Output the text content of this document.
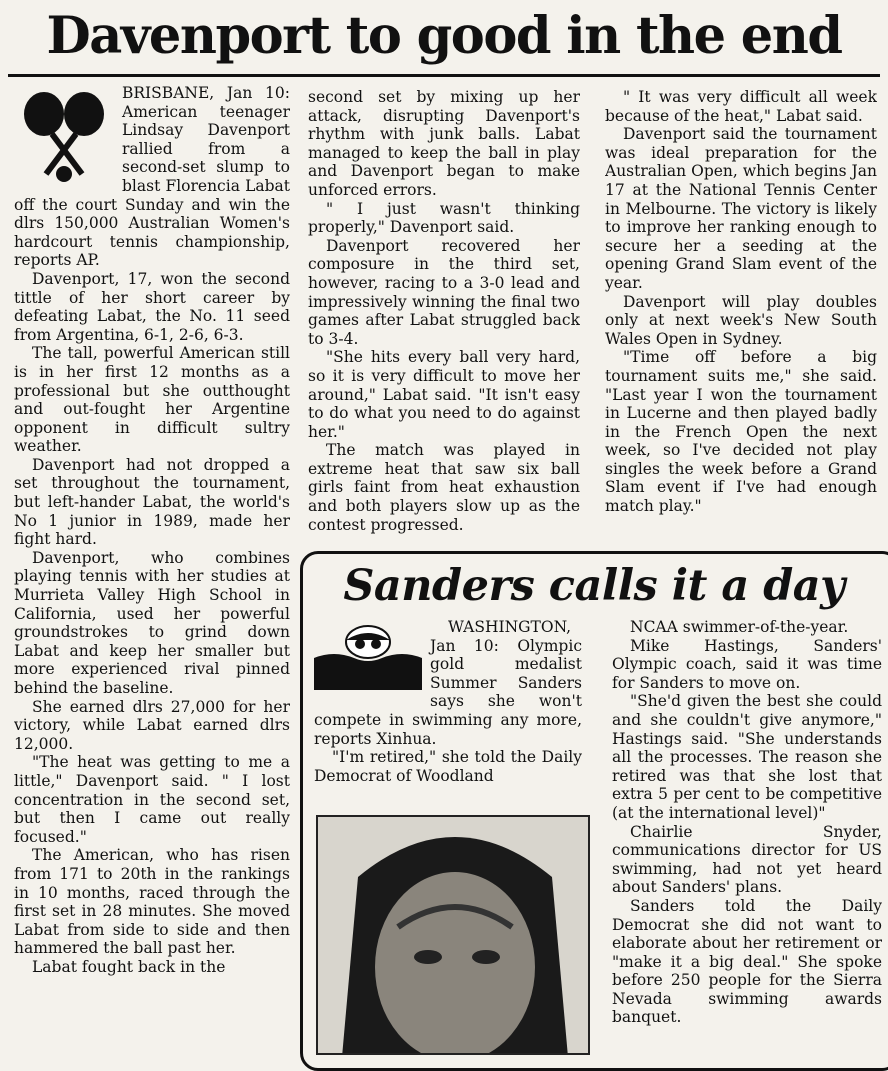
Davenport to good in the end

BRISBANE, Jan 10: American teenager Lindsay Davenport rallied from a second-set slump to blast Florencia Labat off the court Sunday and win the dlrs 150,000 Australian Women's hardcourt tennis championship, reports AP.

Davenport, 17, won the second tittle of her short career by defeating Labat, the No. 11 seed from Argentina, 6-1, 2-6, 6-3.

The tall, powerful American still is in her first 12 months as a professional but she outthought and out-fought her Argentine opponent in difficult sultry weather.

Davenport had not dropped a set throughout the tournament, but left-hander Labat, the world's No 1 junior in 1989, made her fight hard.

Davenport, who combines playing tennis with her studies at Murrieta Valley High School in California, used her powerful groundstrokes to grind down Labat and keep her smaller but more experienced rival pinned behind the baseline.

She earned dlrs 27,000 for her victory, while Labat earned dlrs 12,000.

"The heat was getting to me a little," Davenport said. " I lost concentration in the second set, but then I came out really focused."

The American, who has risen from 171 to 20th in the rankings in 10 months, raced through the first set in 28 minutes. She moved Labat from side to side and then hammered the ball past her.

Labat fought back in the

second set by mixing up her attack, disrupting Davenport's rhythm with junk balls. Labat managed to keep the ball in play and Davenport began to make unforced errors.

" I just wasn't thinking properly," Davenport said.

Davenport recovered her composure in the third set, however, racing to a 3-0 lead and impressively winning the final two games after Labat struggled back to 3-4.

"She hits every ball very hard, so it is very difficult to move her around," Labat said. "It isn't easy to do what you need to do against her."

The match was played in extreme heat that saw six ball girls faint from heat exhaustion and both players slow up as the contest progressed.

" It was very difficult all week because of the heat," Labat said.

Davenport said the tournament was ideal preparation for the Australian Open, which begins Jan 17 at the National Tennis Center in Melbourne. The victory is likely to improve her ranking enough to secure her a seeding at the opening Grand Slam event of the year.

Davenport will play doubles only at next week's New South Wales Open in Sydney.

"Time off before a big tournament suits me," she said. "Last year I won the tournament in Lucerne and then played badly in the French Open the next week, so I've decided not play singles the week before a Grand Slam event if I've had enough match play."

Sanders calls it a day

WASHINGTON, Jan 10: Olympic gold medalist Summer Sanders says she won't compete in swimming any more, reports Xinhua.

"I'm retired," she told the Daily Democrat of Woodland

NCAA swimmer-of-the-year.

Mike Hastings, Sanders' Olympic coach, said it was time for Sanders to move on.

"She'd given the best she could and she couldn't give anymore," Hastings said. "She understands all the processes. The reason she retired was that she lost that extra 5 per cent to be competitive (at the international level)"

Chairlie Snyder, communications director for US swimming, had not yet heard about Sanders' plans.

Sanders told the Daily Democrat she did not want to elaborate about her retirement or "make it a big deal." She spoke before 250 people for the Sierra Nevada swimming awards banquet.
